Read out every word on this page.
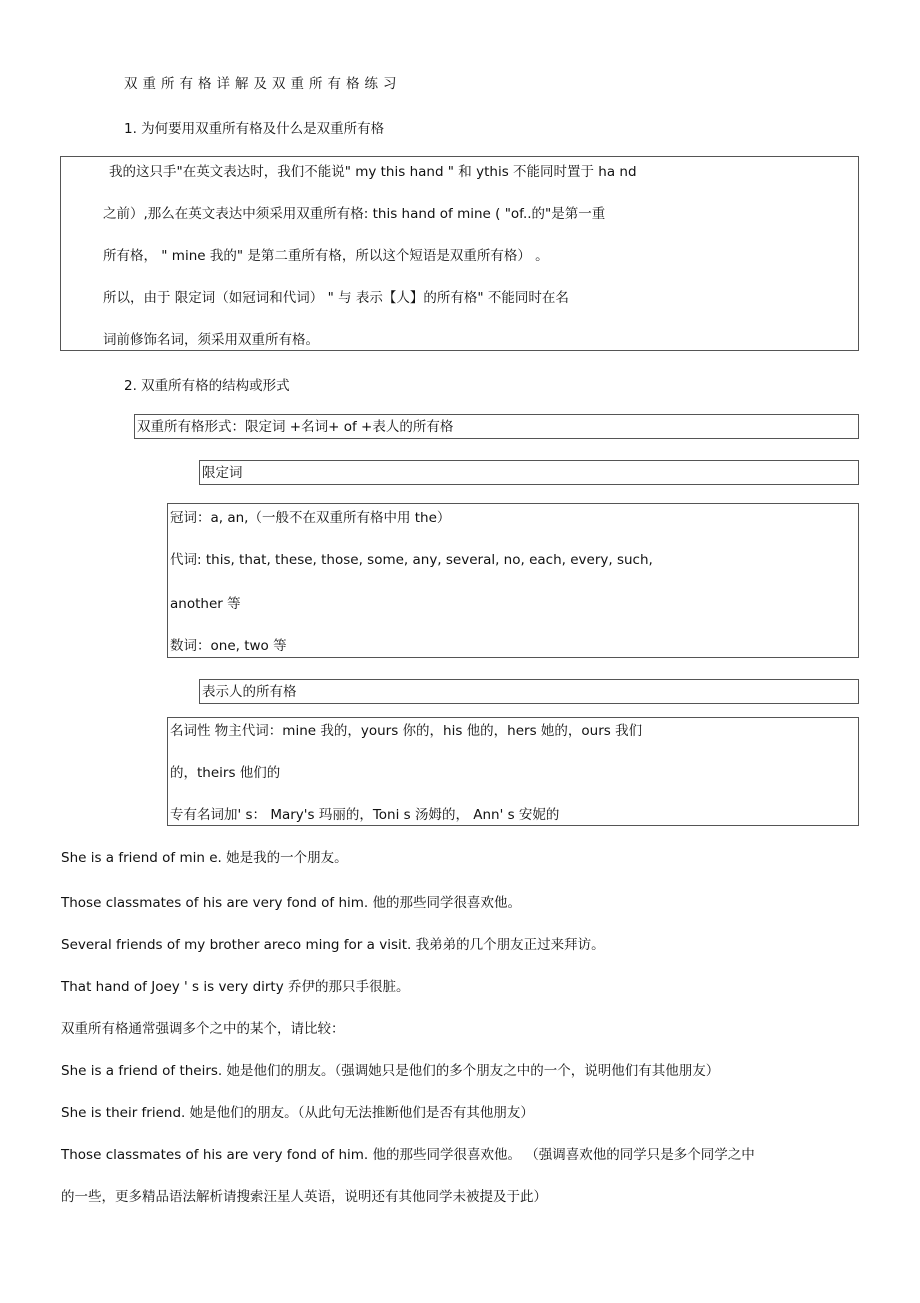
双重所有格详解及双重所有格练习
1. 为何要用双重所有格及什么是双重所有格
我的这只手"在英文表达时，我们不能说" my this hand " 和 ythis 不能同时置于 ha nd
之前）,那么在英文表达中须采用双重所有格: this hand of mine ( "of..的"是第一重
所有格， " mine 我的" 是第二重所有格，所以这个短语是双重所有格） 。
所以，由于 限定词（如冠词和代词） " 与 表示【人】的所有格" 不能同时在名
词前修饰名词，须采用双重所有格。
2. 双重所有格的结构或形式
双重所有格形式：限定词 +名词+ of +表人的所有格
限定词
冠词：a, an,（一般不在双重所有格中用 the）
代词: this, that, these, those, some, any, several, no, each, every, such,
another 等
数词：one, two 等
表示人的所有格
名词性 物主代词：mine 我的，yours 你的，his 他的，hers 她的，ours 我们
的，theirs 他们的
专有名词加' s： Mary's 玛丽的，Toni s 汤姆的， Ann' s 安妮的
She is a friend of min e. 她是我的一个朋友。
Those classmates of his are very fond of him. 他的那些同学很喜欢他。
Several friends of my brother areco ming for a visit. 我弟弟的几个朋友正过来拜访。
That hand of Joey ' s is very dirty 乔伊的那只手很脏。
双重所有格通常强调多个之中的某个，请比较：
She is a friend of theirs. 她是他们的朋友。（强调她只是他们的多个朋友之中的一个，说明他们有其他朋友）
She is their friend. 她是他们的朋友。（从此句无法推断他们是否有其他朋友）
Those classmates of his are very fond of him. 他的那些同学很喜欢他。 （强调喜欢他的同学只是多个同学之中
的一些，更多精品语法解析请搜索汪星人英语，说明还有其他同学未被提及于此）
